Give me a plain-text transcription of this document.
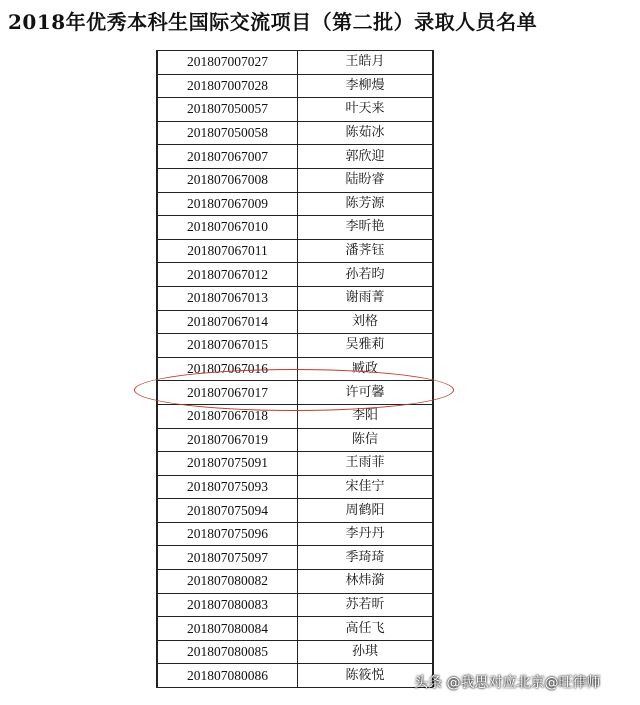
2018年优秀本科生国际交流项目（第二批）录取人员名单
201807007027	王皓月
201807007028	李柳熳
201807050057	叶天来
201807050058	陈茹冰
201807067007	郭欣迎
201807067008	陆盼睿
201807067009	陈芳源
201807067010	李昕艳
201807067011	潘荠钰
201807067012	孙若昀
201807067013	谢雨菁
201807067014	刘格
201807067015	吴雅莉
201807067016	臧政
201807067017	许可馨
201807067018	李阳
201807067019	陈信
201807075091	王雨菲
201807075093	宋佳宁
201807075094	周鹤阳
201807075096	李丹丹
201807075097	季琦琦
201807080082	林炜漪
201807080083	苏若昕
201807080084	高任飞
201807080085	孙琪
201807080086	陈筱悦 头条 @我思对应北京@旺律师
